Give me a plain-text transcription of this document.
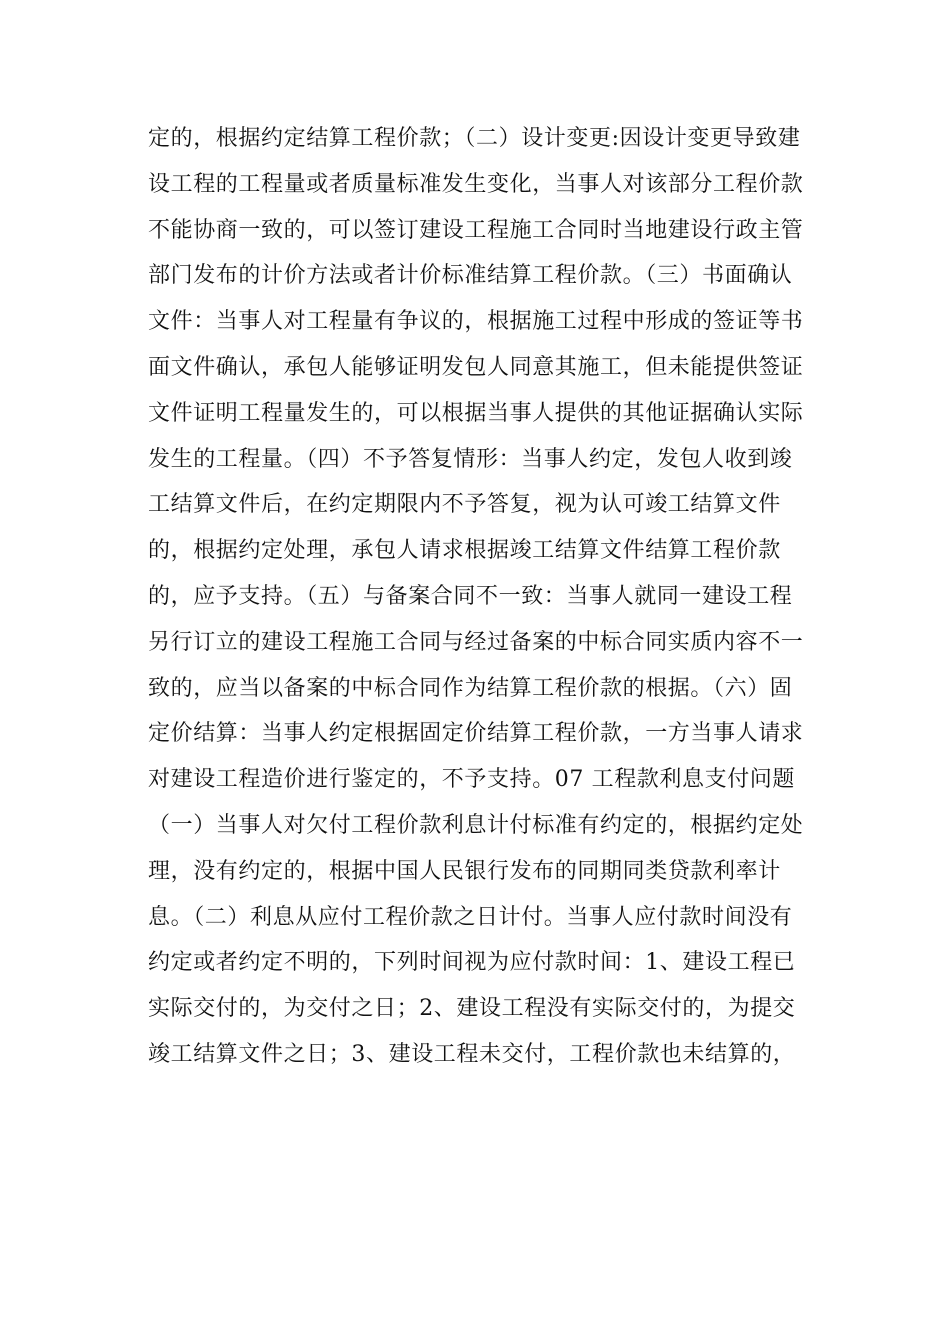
定的，根据约定结算工程价款；（二）设计变更:因设计变更导致建
设工程的工程量或者质量标准发生变化，当事人对该部分工程价款
不能协商一致的，可以签订建设工程施工合同时当地建设行政主管
部门发布的计价方法或者计价标准结算工程价款。（三）书面确认
文件：当事人对工程量有争议的，根据施工过程中形成的签证等书
面文件确认，承包人能够证明发包人同意其施工，但未能提供签证
文件证明工程量发生的，可以根据当事人提供的其他证据确认实际
发生的工程量。（四）不予答复情形：当事人约定，发包人收到竣
工结算文件后，在约定期限内不予答复，视为认可竣工结算文件
的，根据约定处理，承包人请求根据竣工结算文件结算工程价款
的，应予支持。（五）与备案合同不一致：当事人就同一建设工程
另行订立的建设工程施工合同与经过备案的中标合同实质内容不一
致的，应当以备案的中标合同作为结算工程价款的根据。（六）固
定价结算：当事人约定根据固定价结算工程价款，一方当事人请求
对建设工程造价进行鉴定的，不予支持。07 工程款利息支付问题
（一）当事人对欠付工程价款利息计付标准有约定的，根据约定处
理，没有约定的，根据中国人民银行发布的同期同类贷款利率计
息。（二）利息从应付工程价款之日计付。当事人应付款时间没有
约定或者约定不明的，下列时间视为应付款时间：1、建设工程已
实际交付的，为交付之日；2、建设工程没有实际交付的，为提交
竣工结算文件之日；3、建设工程未交付，工程价款也未结算的，
